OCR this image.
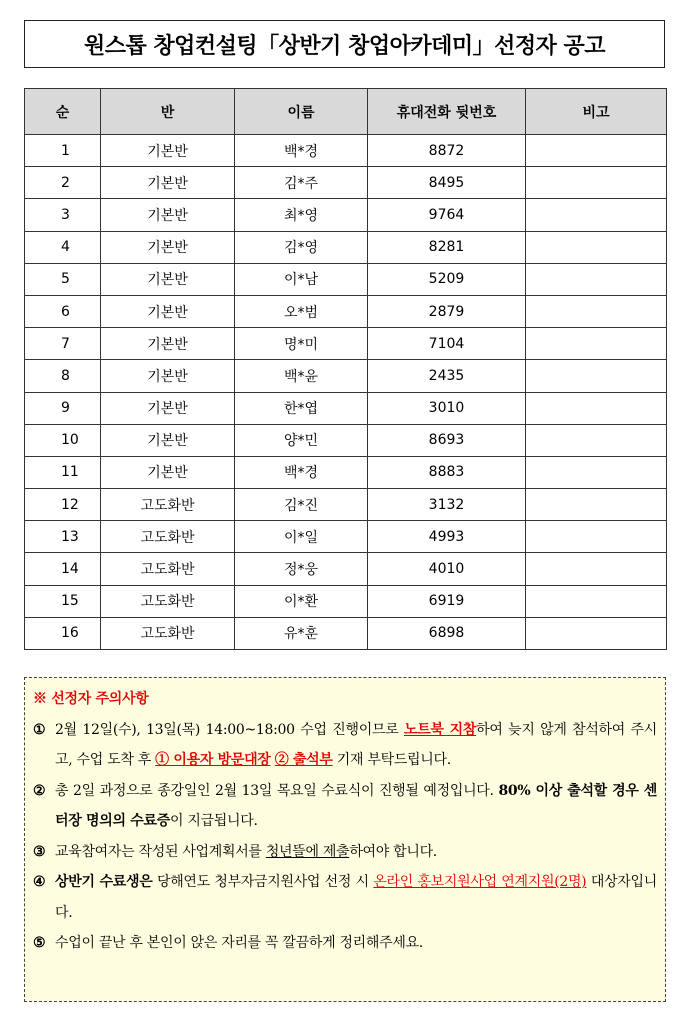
원스톱 창업컨설팅「상반기 창업아카데미」선정자 공고
순	반	이름	휴대전화 뒷번호	비고
1	기본반	백*경	8872	
2	기본반	김*주	8495	
3	기본반	최*영	9764	
4	기본반	김*영	8281	
5	기본반	이*남	5209	
6	기본반	오*범	2879	
7	기본반	명*미	7104	
8	기본반	백*윤	2435	
9	기본반	한*엽	3010	
10	기본반	양*민	8693	
11	기본반	백*경	8883	
12	고도화반	김*진	3132	
13	고도화반	이*일	4993	
14	고도화반	정*웅	4010	
15	고도화반	이*환	6919	
16	고도화반	유*훈	6898	
※ 선정자 주의사항
① 2월 12일(수), 13일(목) 14:00~18:00 수업 진행이므로 노트북 지참하여 늦지 않게 참석하여 주시고, 수업 도착 후 ① 이용자 방문대장 ② 출석부 기재 부탁드립니다.
② 총 2일 과정으로 종강일인 2월 13일 목요일 수료식이 진행될 예정입니다. 80% 이상 출석할 경우 센터장 명의의 수료증이 지급됩니다.
③ 교육참여자는 작성된 사업계획서를 청년뜰에 제출하여야 합니다.
④ 상반기 수료생은 당해연도 청부자금지원사업 선정 시 온라인 홍보지원사업 연계지원(2명) 대상자입니다.
⑤ 수업이 끝난 후 본인이 앉은 자리를 꼭 깔끔하게 정리해주세요.
